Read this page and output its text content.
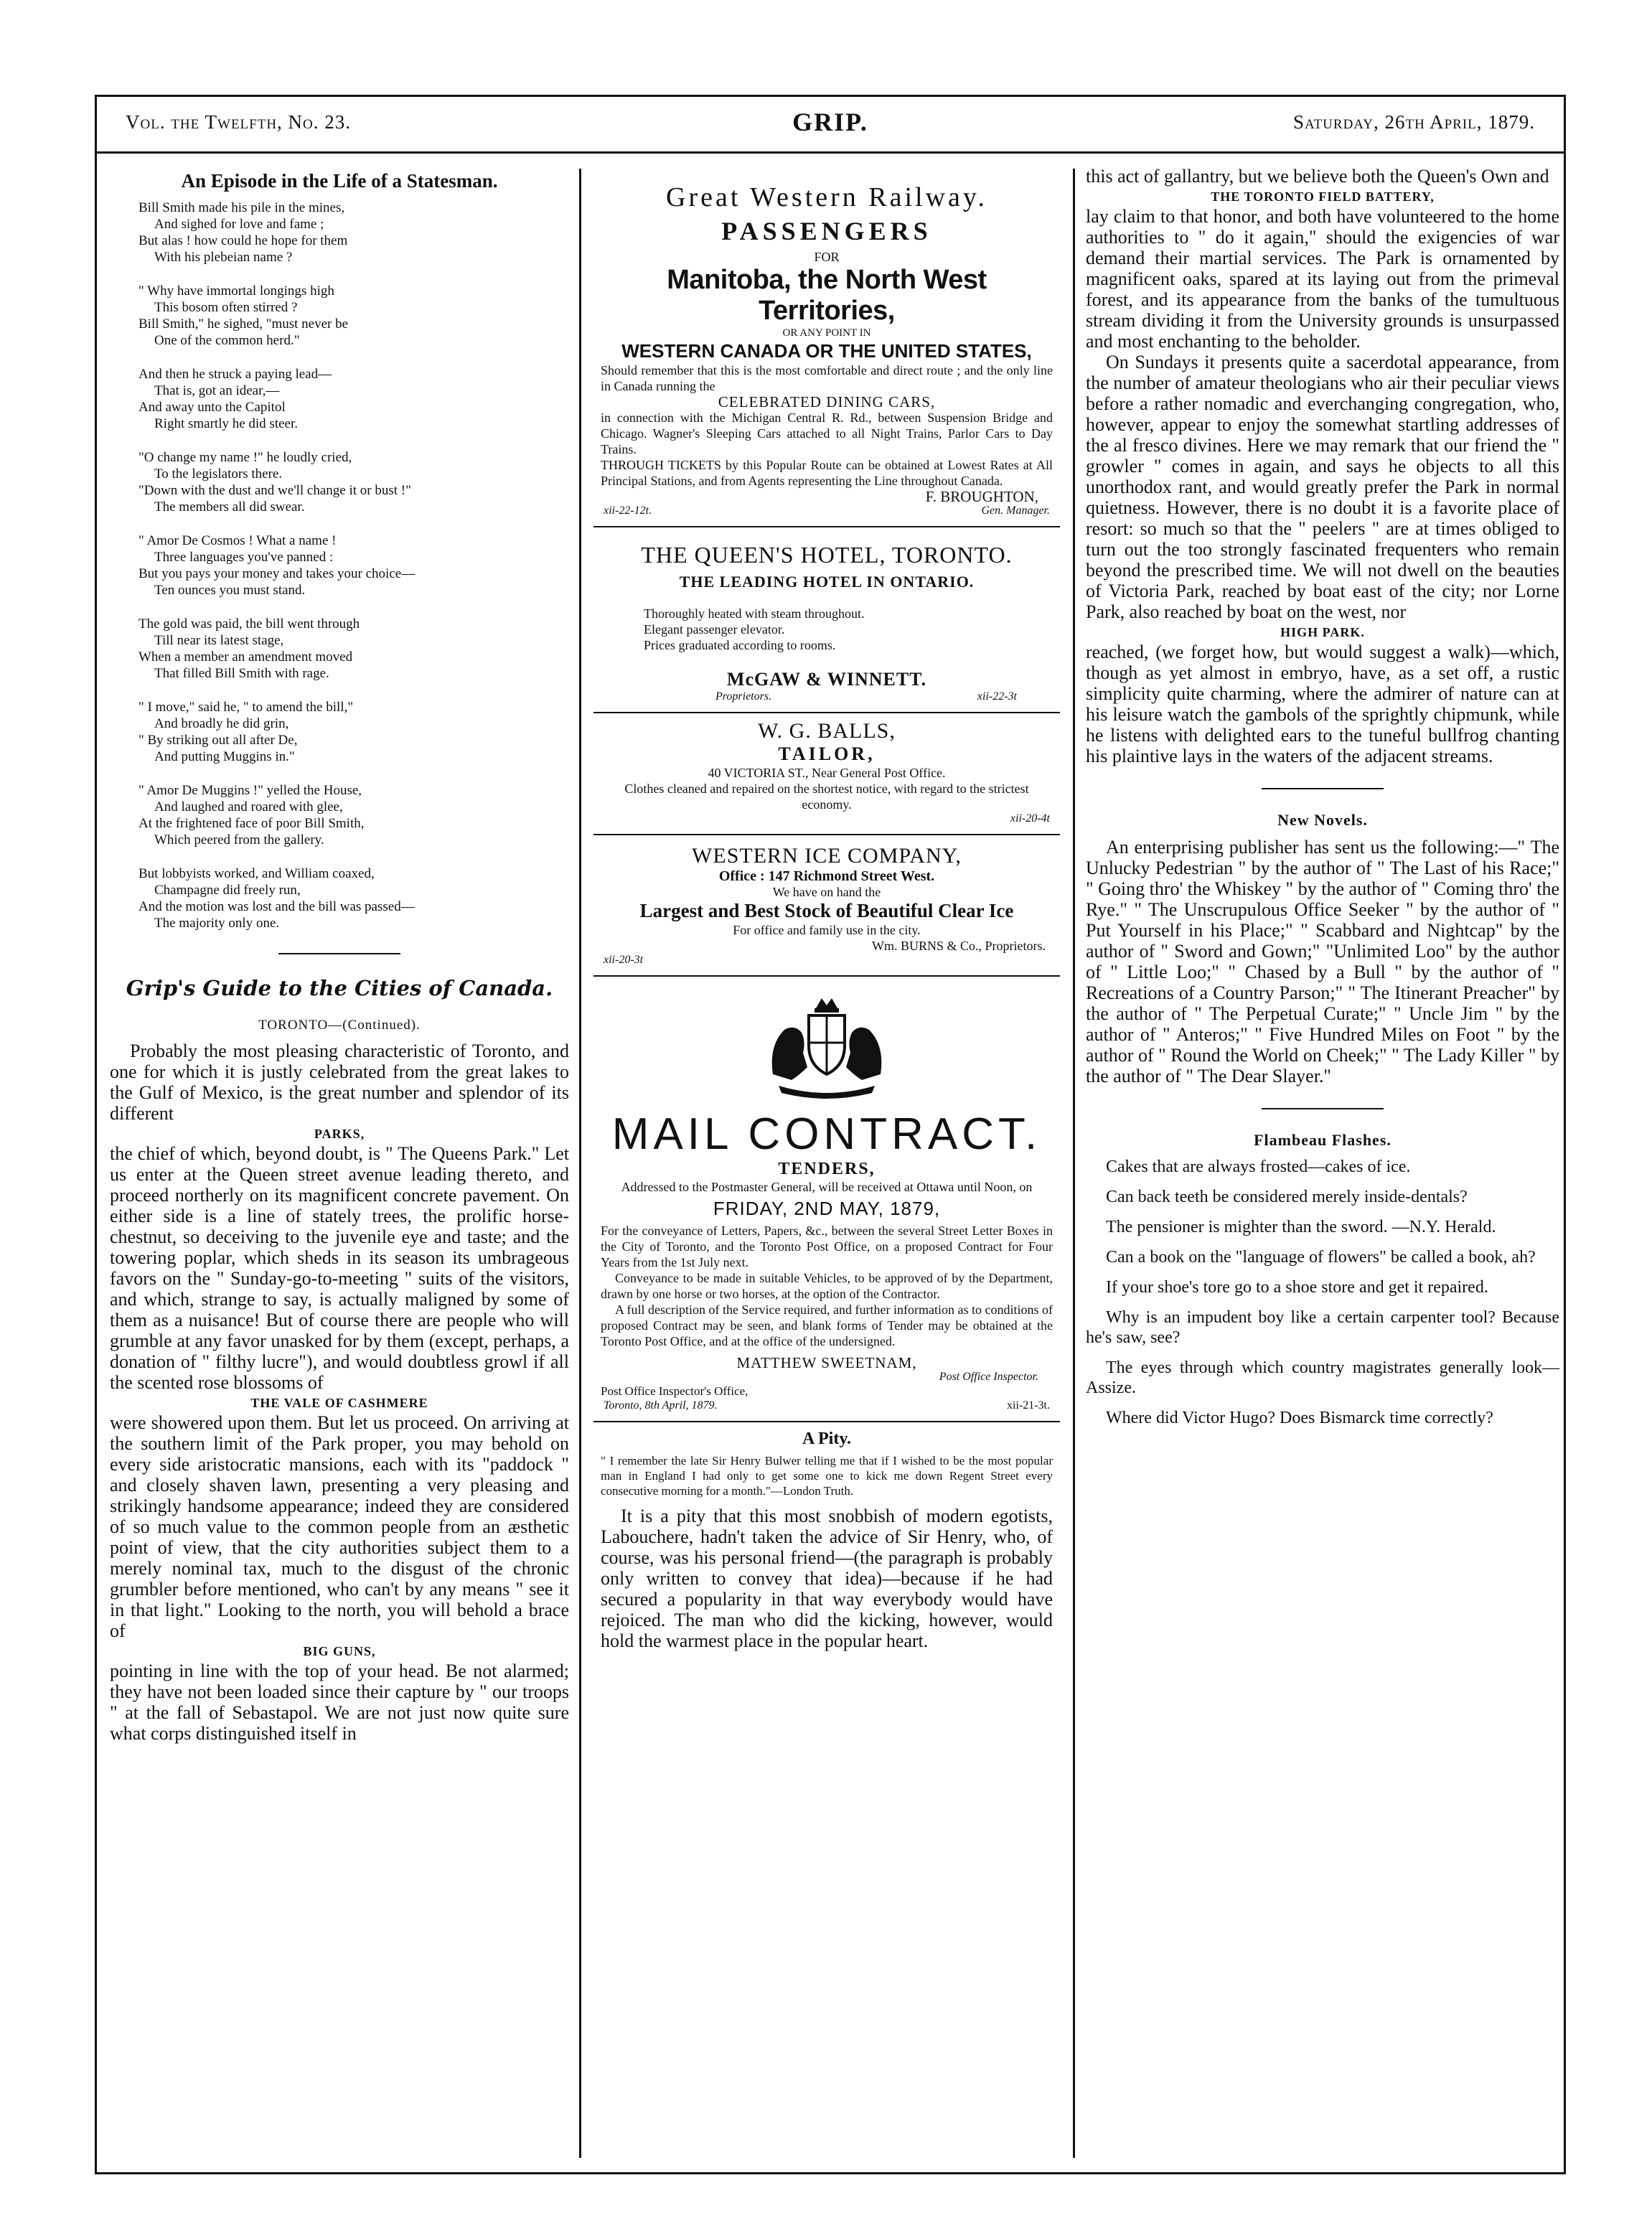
Vol. the Twelfth, No. 23.	GRIP.	Saturday, 26th April, 1879.
An Episode in the Life of a Statesman.
Bill Smith made his pile in the mines,
And sighed for love and fame ;
But alas ! how could he hope for them
With his plebeian name ?
" Why have immortal longings high
This bosom often stirred ?
Bill Smith," he sighed, "must never be
One of the common herd."
And then he struck a paying lead—
That is, got an idear,—
And away unto the Capitol
Right smartly he did steer.
"O change my name !" he loudly cried,
To the legislators there.
"Down with the dust and we'll change it or bust !"
The members all did swear.
" Amor De Cosmos ! What a name !
Three languages you've panned :
But you pays your money and takes your choice—
Ten ounces you must stand.
The gold was paid, the bill went through
Till near its latest stage,
When a member an amendment moved
That filled Bill Smith with rage.
" I move," said he, " to amend the bill,"
And broadly he did grin,
" By striking out all after De,
And putting Muggins in."
" Amor De Muggins !" yelled the House,
And laughed and roared with glee,
At the frightened face of poor Bill Smith,
Which peered from the gallery.
But lobbyists worked, and William coaxed,
Champagne did freely run,
And the motion was lost and the bill was passed—
The majority only one.
Grip's Guide to the Cities of Canada.
TORONTO—(Continued).

Probably the most pleasing characteristic of Toronto, and one for which it is justly celebrated from the great lakes to the Gulf of Mexico, is the great number and splendor of its different

PARKS,

the chief of which, beyond doubt, is " The Queens Park." Let us enter at the Queen street avenue leading thereto, and proceed northerly on its magnificent concrete pavement. On either side is a line of stately trees, the prolific horse-chestnut, so deceiving to the juvenile eye and taste; and the towering poplar, which sheds in its season its umbrageous favors on the " Sunday-go-to-meeting " suits of the visitors, and which, strange to say, is actually maligned by some of them as a nuisance! But of course there are people who will grumble at any favor unasked for by them (except, perhaps, a donation of " filthy lucre"), and would doubtless growl if all the scented rose blossoms of

THE VALE OF CASHMERE

were showered upon them. But let us proceed. On arriving at the southern limit of the Park proper, you may behold on every side aristocratic mansions, each with its "paddock " and closely shaven lawn, presenting a very pleasing and strikingly handsome appearance; indeed they are considered of so much value to the common people from an æsthetic point of view, that the city authorities subject them to a merely nominal tax, much to the disgust of the chronic grumbler before mentioned, who can't by any means " see it in that light." Looking to the north, you will behold a brace of

BIG GUNS,

pointing in line with the top of your head. Be not alarmed; they have not been loaded since their capture by " our troops " at the fall of Sebastapol. We are not just now quite sure what corps distinguished itself in

Great Western Railway.
PASSENGERS
FOR
Manitoba, the North West Territories,
OR ANY POINT IN
WESTERN CANADA OR THE UNITED STATES,
Should remember that this is the most comfortable and direct route ; and the only line in Canada running the
CELEBRATED DINING CARS,
in connection with the Michigan Central R. Rd., between Suspension Bridge and Chicago. Wagner's Sleeping Cars attached to all Night Trains, Parlor Cars to Day Trains.
THROUGH TICKETS by this Popular Route can be obtained at Lowest Rates at All Principal Stations, and from Agents representing the Line throughout Canada.
F. BROUGHTON,
xii-22-12t.	Gen. Manager.
THE QUEEN'S HOTEL, TORONTO.
THE LEADING HOTEL IN ONTARIO.
Thoroughly heated with steam throughout.
Elegant passenger elevator.
Prices graduated according to rooms.
McGAW & WINNETT.
Proprietors.	xii-22-3t
W. G. BALLS,
TAILOR,
40 VICTORIA ST., Near General Post Office.
Clothes cleaned and repaired on the shortest notice, with regard to the strictest economy.
xii-20-4t
WESTERN ICE COMPANY,
Office : 147 Richmond Street West.
We have on hand the
Largest and Best Stock of Beautiful Clear Ice
For office and family use in the city.
Wm. BURNS & Co., Proprietors.
xii-20-3t
MAIL CONTRACT.
TENDERS,
Addressed to the Postmaster General, will be received at Ottawa until Noon, on
FRIDAY, 2ND MAY, 1879,
For the conveyance of Letters, Papers, &c., between the several Street Letter Boxes in the City of Toronto, and the Toronto Post Office, on a proposed Contract for Four Years from the 1st July next.
Conveyance to be made in suitable Vehicles, to be approved of by the Department, drawn by one horse or two horses, at the option of the Contractor.
A full description of the Service required, and further information as to conditions of proposed Contract may be seen, and blank forms of Tender may be obtained at the Toronto Post Office, and at the office of the undersigned.
MATTHEW SWEETNAM,
Post Office Inspector.
Post Office Inspector's Office,
Toronto, 8th April, 1879.	xii-21-3t.
A Pity.

" I remember the late Sir Henry Bulwer telling me that if I wished to be the most popular man in England I had only to get some one to kick me down Regent Street every consecutive morning for a month."—London Truth.

It is a pity that this most snobbish of modern egotists, Labouchere, hadn't taken the advice of Sir Henry, who, of course, was his personal friend—(the paragraph is probably only written to convey that idea)—because if he had secured a popularity in that way everybody would have rejoiced. The man who did the kicking, however, would hold the warmest place in the popular heart.

this act of gallantry, but we believe both the Queen's Own and

THE TORONTO FIELD BATTERY,

lay claim to that honor, and both have volunteered to the home authorities to " do it again," should the exigencies of war demand their martial services. The Park is ornamented by magnificent oaks, spared at its laying out from the primeval forest, and its appearance from the banks of the tumultuous stream dividing it from the University grounds is unsurpassed and most enchanting to the beholder.

On Sundays it presents quite a sacerdotal appearance, from the number of amateur theologians who air their peculiar views before a rather nomadic and everchanging congregation, who, however, appear to enjoy the somewhat startling addresses of the al fresco divines. Here we may remark that our friend the " growler " comes in again, and says he objects to all this unorthodox rant, and would greatly prefer the Park in normal quietness. However, there is no doubt it is a favorite place of resort: so much so that the " peelers " are at times obliged to turn out the too strongly fascinated frequenters who remain beyond the prescribed time. We will not dwell on the beauties of Victoria Park, reached by boat east of the city; nor Lorne Park, also reached by boat on the west, nor

HIGH PARK.

reached, (we forget how, but would suggest a walk)—which, though as yet almost in embryo, have, as a set off, a rustic simplicity quite charming, where the admirer of nature can at his leisure watch the gambols of the sprightly chipmunk, while he listens with delighted ears to the tuneful bullfrog chanting his plaintive lays in the waters of the adjacent streams.

New Novels.

An enterprising publisher has sent us the following:—" The Unlucky Pedestrian " by the author of " The Last of his Race;" " Going thro' the Whiskey " by the author of " Coming thro' the Rye." " The Unscrupulous Office Seeker " by the author of " Put Yourself in his Place;" " Scabbard and Nightcap" by the author of " Sword and Gown;" "Unlimited Loo" by the author of " Little Loo;" " Chased by a Bull " by the author of " Recreations of a Country Parson;" " The Itinerant Preacher" by the author of " The Perpetual Curate;" " Uncle Jim " by the author of " Anteros;" " Five Hundred Miles on Foot " by the author of " Round the World on Cheek;" " The Lady Killer " by the author of " The Dear Slayer."

Flambeau Flashes.

Cakes that are always frosted—cakes of ice.

Can back teeth be considered merely inside-dentals?

The pensioner is mighter than the sword. —N.Y. Herald.

Can a book on the "language of flowers" be called a book, ah?

If your shoe's tore go to a shoe store and get it repaired.

Why is an impudent boy like a certain carpenter tool? Because he's saw, see?

The eyes through which country magistrates generally look—Assize.

Where did Victor Hugo? Does Bismarck time correctly?
